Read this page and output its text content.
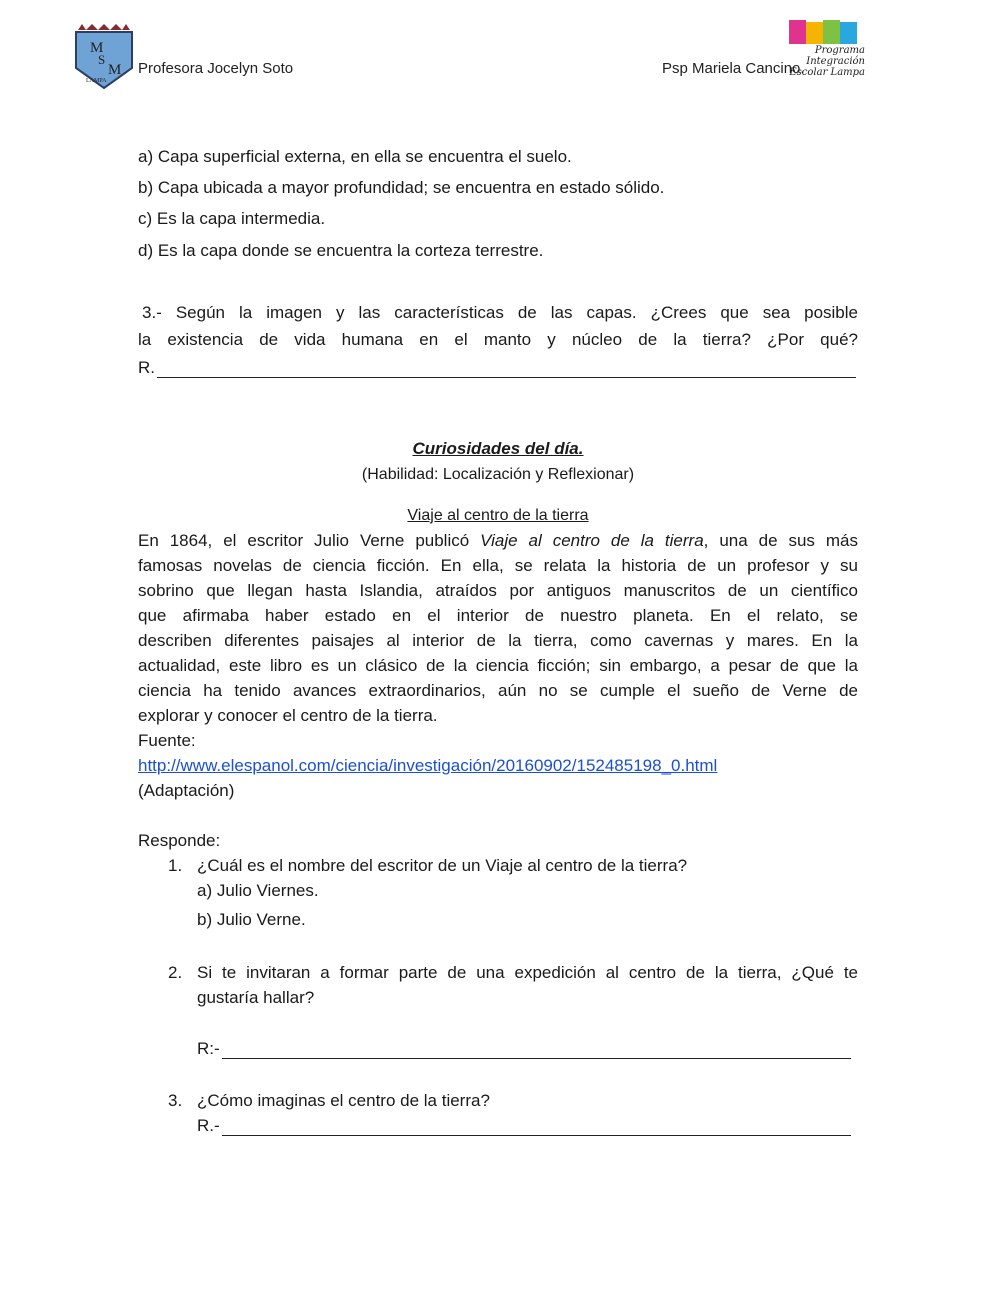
M
S
M
LAMPA
Profesora Jocelyn Soto	Psp Mariela Cancino.
Programa Integración Escolar Lampa
a) Capa superficial externa, en ella se encuentra el suelo.
b) Capa ubicada a mayor profundidad; se encuentra en estado sólido.
c) Es la capa intermedia.
d) Es la capa donde se encuentra la corteza terrestre.
3.- Según la imagen y las características de las capas. ¿Crees que sea posible
la existencia de vida humana en el manto y núcleo de la tierra? ¿Por qué?
R.
Curiosidades del día.
(Habilidad: Localización y Reflexionar)
Viaje al centro de la tierra
En 1864, el escritor Julio Verne publicó Viaje al centro de la tierra, una de sus más
famosas novelas de ciencia ficción. En ella, se relata la historia de un profesor y su
sobrino que llegan hasta Islandia, atraídos por antiguos manuscritos de un científico
que afirmaba haber estado en el interior de nuestro planeta. En el relato, se
describen diferentes paisajes al interior de la tierra, como cavernas y mares. En la
actualidad, este libro es un clásico de la ciencia ficción; sin embargo, a pesar de que la
ciencia ha tenido avances extraordinarios, aún no se cumple el sueño de Verne de
explorar y conocer el centro de la tierra.
Fuente:
http://www.elespanol.com/ciencia/investigación/20160902/152485198_0.html
(Adaptación)
Responde:
1. ¿Cuál es el nombre del escritor de un Viaje al centro de la tierra?
a) Julio Viernes.
b) Julio Verne.
2. Si te invitaran a formar parte de una expedición al centro de la tierra, ¿Qué te
gustaría hallar?
R:-
3. ¿Cómo imaginas el centro de la tierra?
R.-
